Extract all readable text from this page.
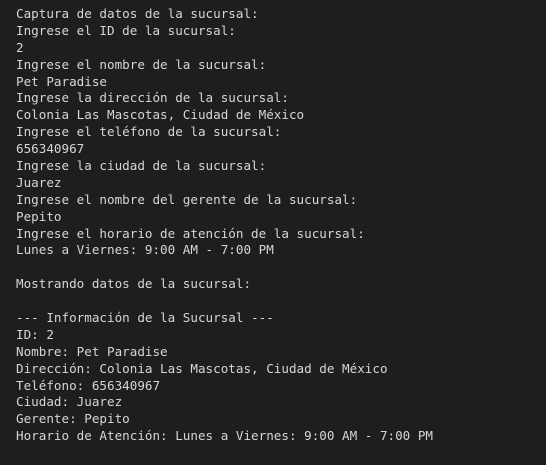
Captura de datos de la sucursal:
Ingrese el ID de la sucursal:
2
Ingrese el nombre de la sucursal:
Pet Paradise
Ingrese la dirección de la sucursal:
Colonia Las Mascotas, Ciudad de México
Ingrese el teléfono de la sucursal:
656340967
Ingrese la ciudad de la sucursal:
Juarez
Ingrese el nombre del gerente de la sucursal:
Pepito
Ingrese el horario de atención de la sucursal:
Lunes a Viernes: 9:00 AM - 7:00 PM
Mostrando datos de la sucursal:
--- Información de la Sucursal ---
ID: 2
Nombre: Pet Paradise
Dirección: Colonia Las Mascotas, Ciudad de México
Teléfono: 656340967
Ciudad: Juarez
Gerente: Pepito
Horario de Atención: Lunes a Viernes: 9:00 AM - 7:00 PM
